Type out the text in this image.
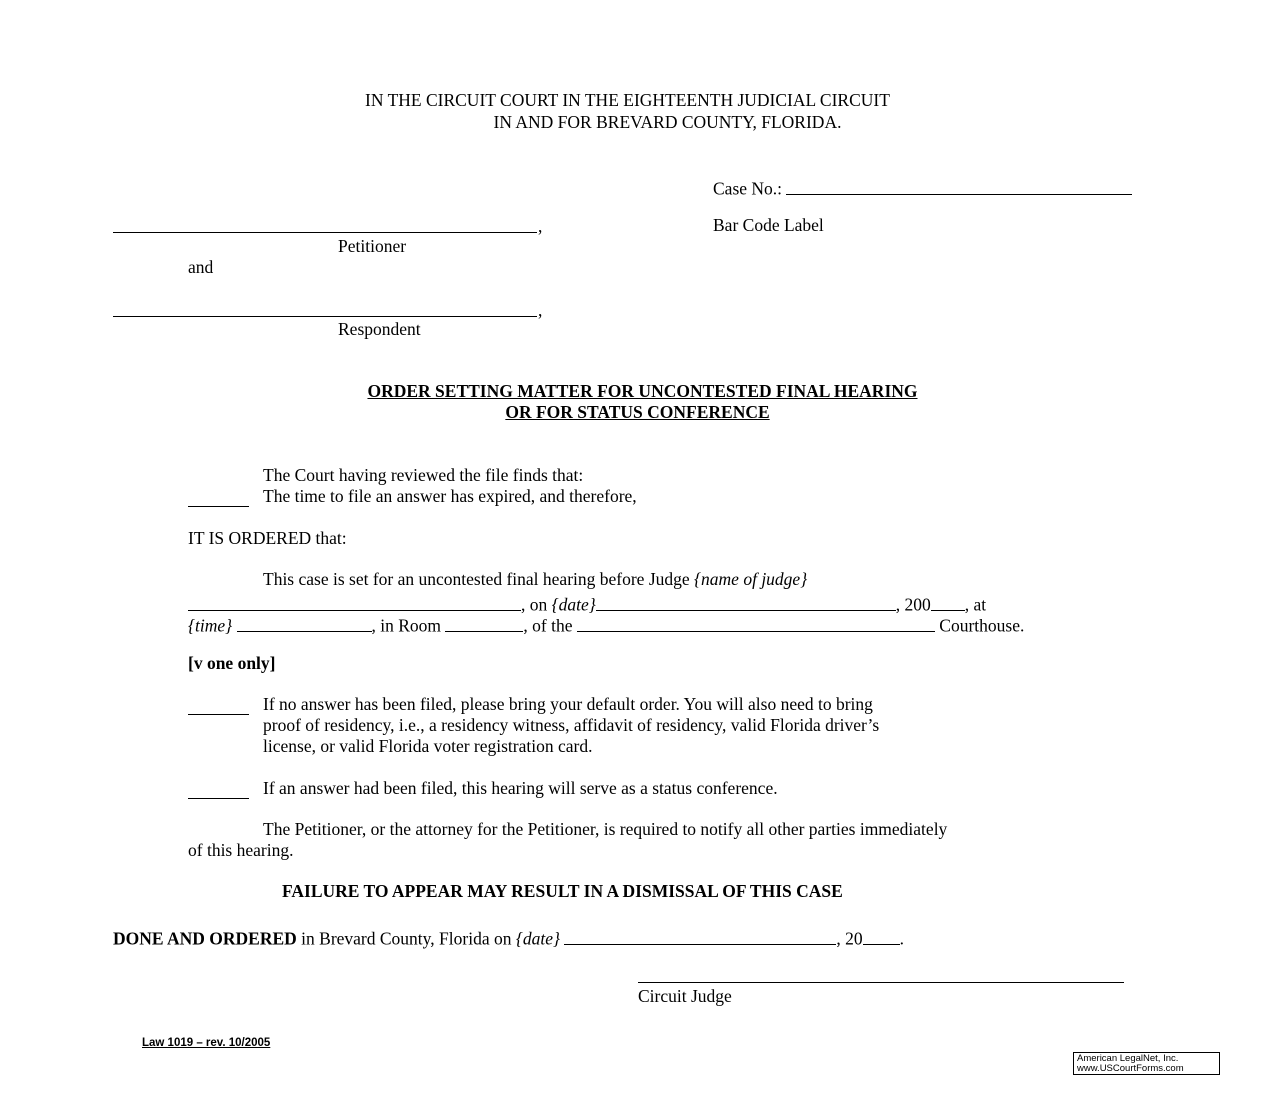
IN THE CIRCUIT COURT IN THE EIGHTEENTH JUDICIAL CIRCUIT
IN AND FOR BREVARD COUNTY, FLORIDA.
Case No.:
Bar Code Label
,
Petitioner
and
,
Respondent
ORDER SETTING MATTER FOR UNCONTESTED FINAL HEARING
OR FOR STATUS CONFERENCE
The Court having reviewed the file finds that:
The time to file an answer has expired, and therefore,
IT IS ORDERED that:
This case is set for an uncontested final hearing before Judge {name of judge}
, on {date}	, 200 , at
{time}	, in Room	, of the	Courthouse.
[v one only]
If no answer has been filed, please bring your default order. You will also need to bring
proof of residency, i.e., a residency witness, affidavit of residency, valid Florida driver’s
license, or valid Florida voter registration card.
If an answer had been filed, this hearing will serve as a status conference.
The Petitioner, or the attorney for the Petitioner, is required to notify all other parties immediately
of this hearing.
FAILURE TO APPEAR MAY RESULT IN A DISMISSAL OF THIS CASE
DONE AND ORDERED in Brevard County, Florida on {date}	, 20 .
Circuit Judge
Law 1019 – rev. 10/2005
American LegalNet, Inc.
www.USCourtForms.com
